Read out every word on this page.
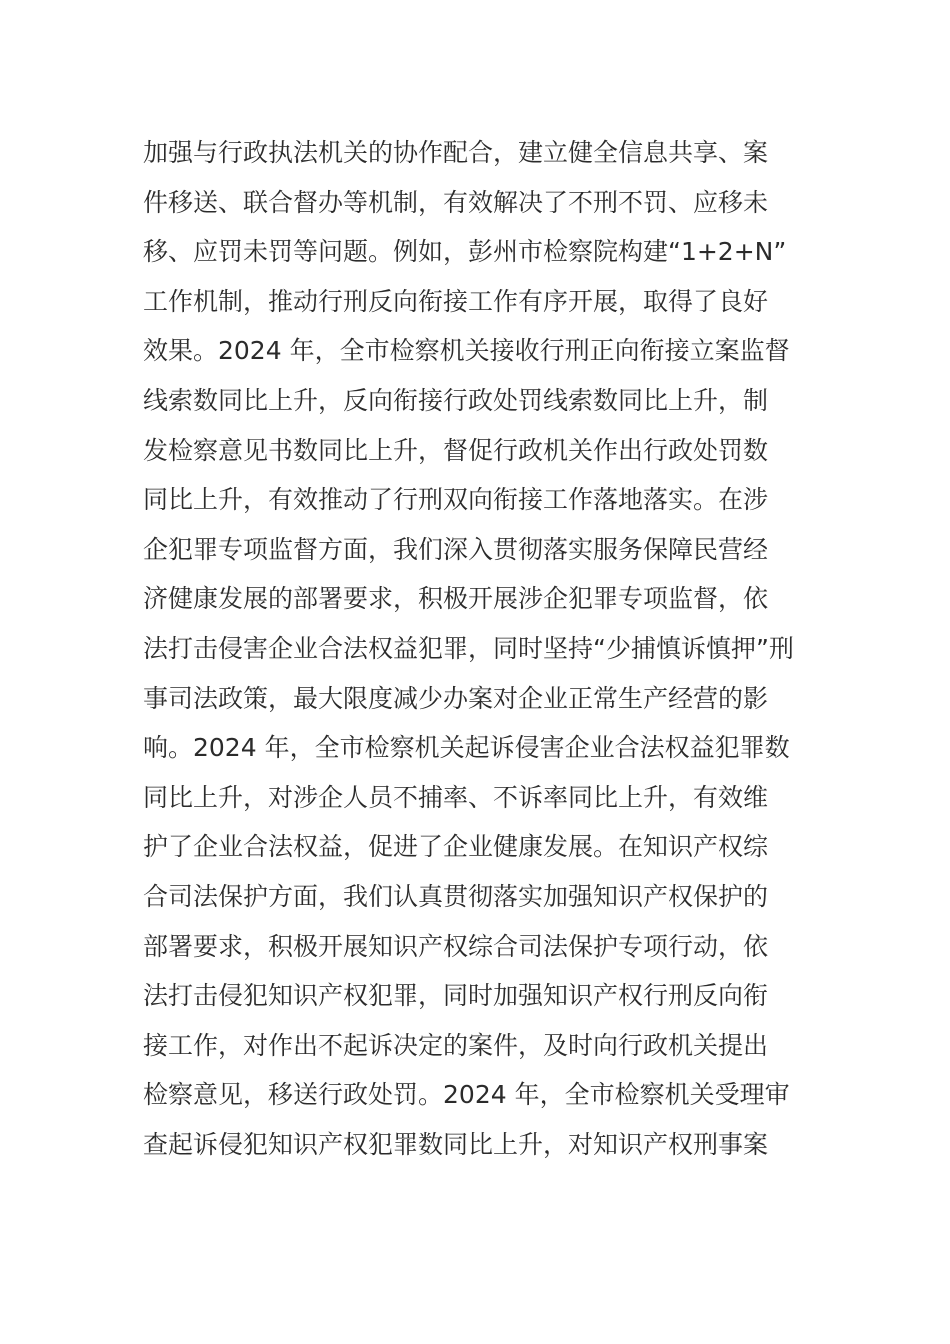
加强与行政执法机关的协作配合，建立健全信息共享、案
件移送、联合督办等机制，有效解决了不刑不罚、应移未
移、应罚未罚等问题。例如，彭州市检察院构建“1+2+N”
工作机制，推动行刑反向衔接工作有序开展，取得了良好
效果。2024 年，全市检察机关接收行刑正向衔接立案监督
线索数同比上升，反向衔接行政处罚线索数同比上升，制
发检察意见书数同比上升，督促行政机关作出行政处罚数
同比上升，有效推动了行刑双向衔接工作落地落实。在涉
企犯罪专项监督方面，我们深入贯彻落实服务保障民营经
济健康发展的部署要求，积极开展涉企犯罪专项监督，依
法打击侵害企业合法权益犯罪，同时坚持“少捕慎诉慎押”刑
事司法政策，最大限度减少办案对企业正常生产经营的影
响。2024 年，全市检察机关起诉侵害企业合法权益犯罪数
同比上升，对涉企人员不捕率、不诉率同比上升，有效维
护了企业合法权益，促进了企业健康发展。在知识产权综
合司法保护方面，我们认真贯彻落实加强知识产权保护的
部署要求，积极开展知识产权综合司法保护专项行动，依
法打击侵犯知识产权犯罪，同时加强知识产权行刑反向衔
接工作，对作出不起诉决定的案件，及时向行政机关提出
检察意见，移送行政处罚。2024 年，全市检察机关受理审
查起诉侵犯知识产权犯罪数同比上升，对知识产权刑事案
